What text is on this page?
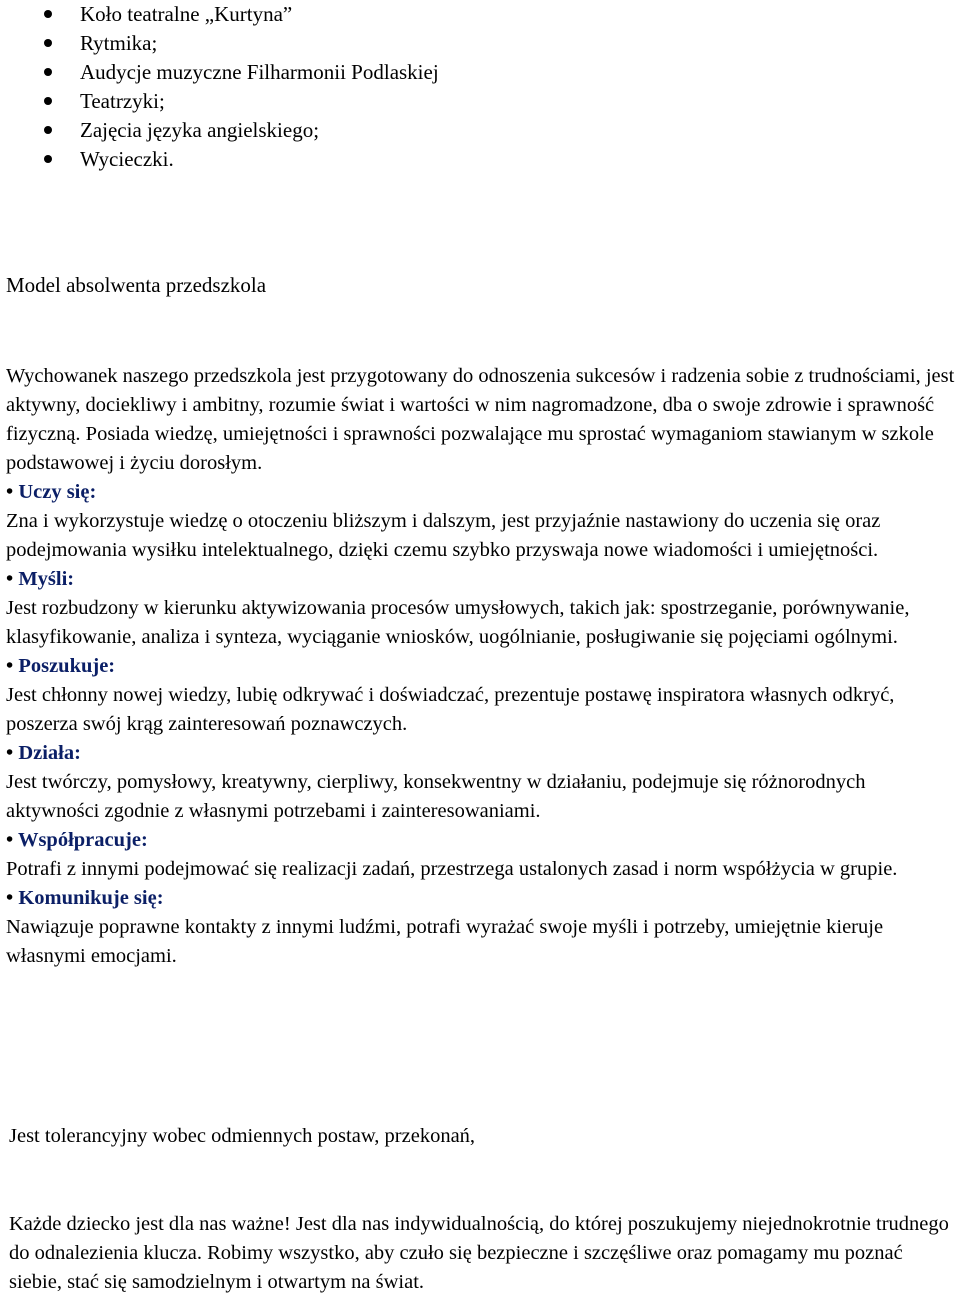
Koło teatralne „Kurtyna”
Rytmika;
Audycje muzyczne Filharmonii Podlaskiej
Teatrzyki;
Zajęcia języka angielskiego;
Wycieczki.
Model absolwenta przedszkola

Wychowanek naszego przedszkola jest przygotowany do odnoszenia sukcesów i radzenia sobie z trudnościami, jest aktywny, dociekliwy i ambitny, rozumie świat i wartości w nim nagromadzone, dba o swoje zdrowie i sprawność fizyczną. Posiada wiedzę, umiejętności i sprawności pozwalające mu sprostać wymaganiom stawianym w szkole podstawowej i życiu dorosłym.

• Uczy się:

Zna i wykorzystuje wiedzę o otoczeniu bliższym i dalszym, jest przyjaźnie nastawiony do uczenia się oraz podejmowania wysiłku intelektualnego, dzięki czemu szybko przyswaja nowe wiadomości i umiejętności.

• Myśli:

Jest rozbudzony w kierunku aktywizowania procesów umysłowych, takich jak: spostrzeganie, porównywanie, klasyfikowanie, analiza i synteza, wyciąganie wniosków, uogólnianie, posługiwanie się pojęciami ogólnymi.

• Poszukuje:

Jest chłonny nowej wiedzy, lubię odkrywać i doświadczać, prezentuje postawę inspiratora własnych odkryć, poszerza swój krąg zainteresowań poznawczych.

• Działa:

Jest twórczy, pomysłowy, kreatywny, cierpliwy, konsekwentny w działaniu, podejmuje się różnorodnych aktywności zgodnie z własnymi potrzebami i zainteresowaniami.

• Współpracuje:

Potrafi z innymi podejmować się realizacji zadań, przestrzega ustalonych zasad i norm współżycia w grupie.

• Komunikuje się:

Nawiązuje poprawne kontakty z innymi ludźmi, potrafi wyrażać swoje myśli i potrzeby, umiejętnie kieruje własnymi emocjami.

Jest tolerancyjny wobec odmiennych postaw, przekonań,

Każde dziecko jest dla nas ważne! Jest dla nas indywidualnością, do której poszukujemy niejednokrotnie trudnego do odnalezienia klucza. Robimy wszystko, aby czuło się bezpieczne i szczęśliwe oraz pomagamy mu poznać siebie, stać się samodzielnym i otwartym na świat.
